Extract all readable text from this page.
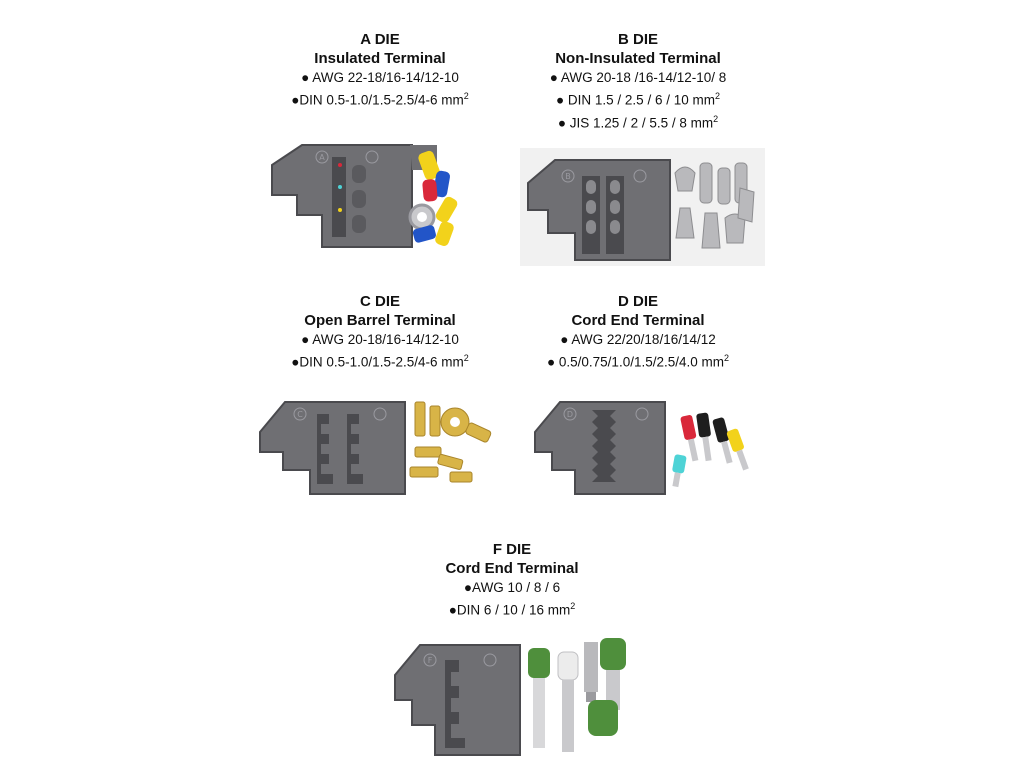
A DIE
Insulated Terminal
● AWG 22-18/16-14/12-10
●DIN 0.5-1.0/1.5-2.5/4-6 $mm^2$
A
B DIE
Non-Insulated Terminal
● AWG 20-18 /16-14/12-10/ 8
● DIN 1.5 / 2.5 / 6 / 10 $mm^2$
● JIS 1.25 / 2 / 5.5 / 8 $mm^2$
B
C DIE
Open Barrel Terminal
● AWG 20-18/16-14/12-10
●DIN 0.5-1.0/1.5-2.5/4-6 $mm^2$
C
D DIE
Cord End Terminal
● AWG 22/20/18/16/14/12
● 0.5/0.75/1.0/1.5/2.5/4.0 $mm^2$
D
F DIE
Cord End Terminal
●AWG 10 / 8 / 6
●DIN 6 / 10 / 16 $mm^2$
F
